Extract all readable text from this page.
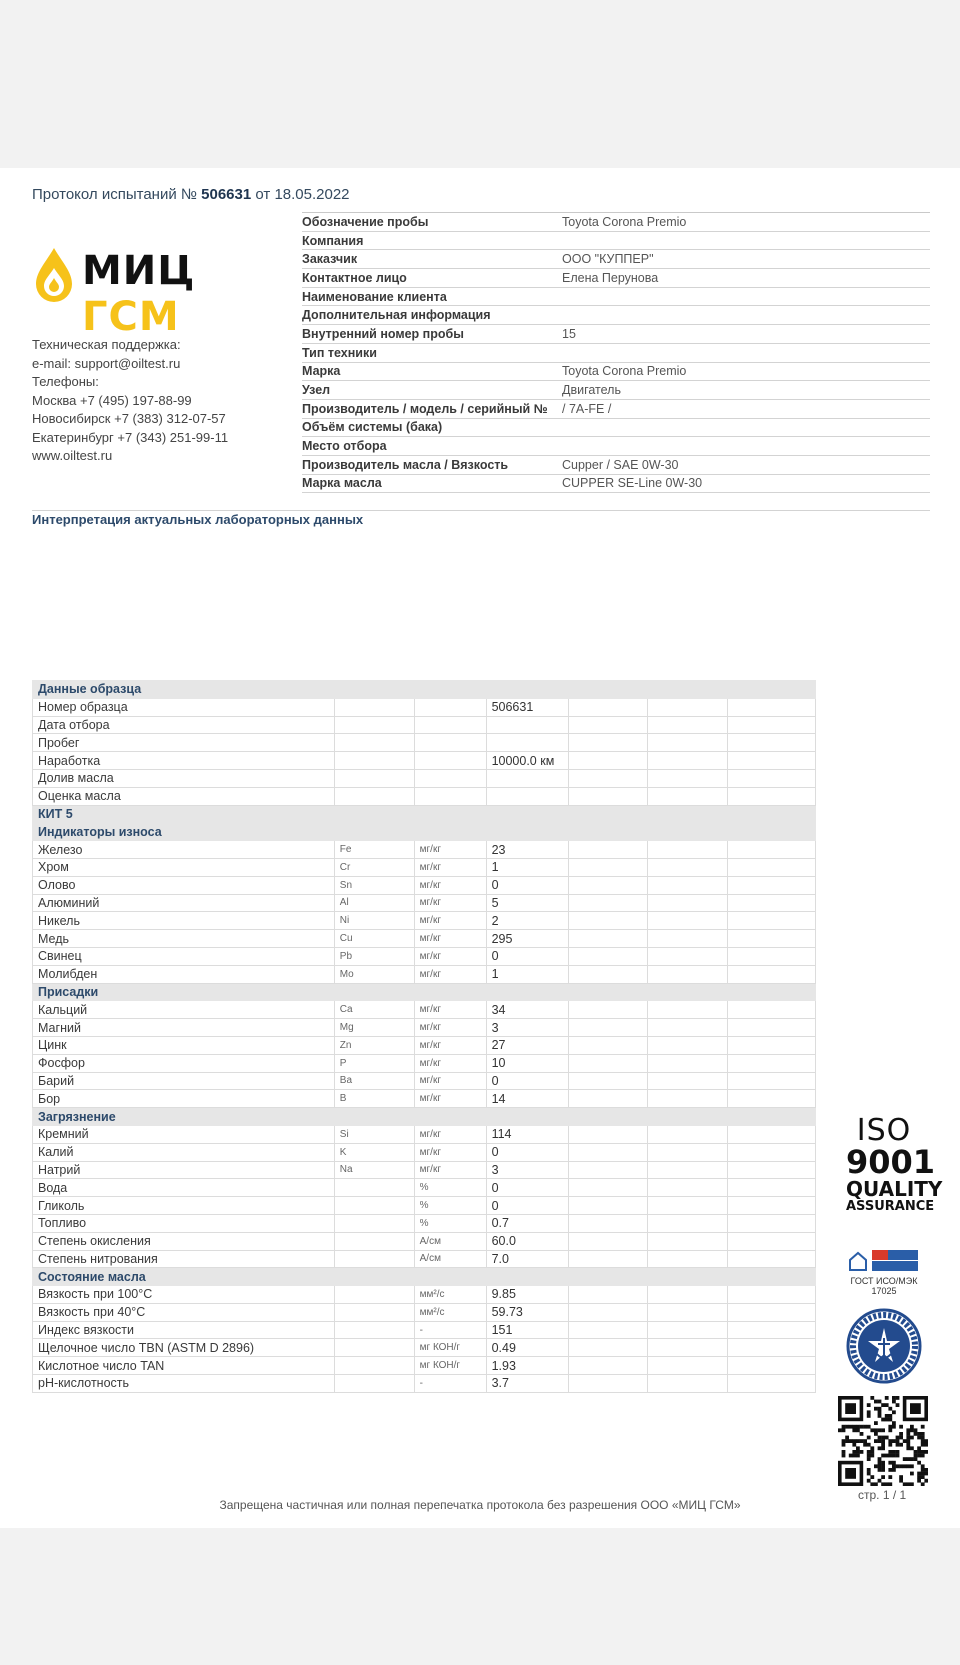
Протокол испытаний № 506631 от 18.05.2022
МИЦ ГСМ
Техническая поддержка:
e-mail: support@oiltest.ru
Телефоны:
Москва +7 (495) 197-88-99
Новосибирск +7 (383) 312-07-57
Екатеринбург +7 (343) 251-99-11
www.oiltest.ru
Обозначение пробы	Toyota Corona Premio
Компания
Заказчик	ООО "КУППЕР"
Контактное лицо	Елена Перунова
Наименование клиента
Дополнительная информация
Внутренний номер пробы	15
Тип техники
Марка	Toyota Corona Premio
Узел	Двигатель
Производитель / модель / серийный №	/ 7A-FE /
Объём системы (бака)
Место отбора
Производитель масла / Вязкость	Cupper / SAE 0W-30
Марка масла	CUPPER SE-Line 0W-30
Интерпретация актуальных лабораторных данных
Данные образца						
Номер образца			506631			
Дата отбора						
Пробег						
Наработка			10000.0 км			
Долив масла						
Оценка масла						
КИТ 5						
Индикаторы износа						
Железо	Fe	мг/кг	23			
Хром	Cr	мг/кг	1			
Олово	Sn	мг/кг	0			
Алюминий	Al	мг/кг	5			
Никель	Ni	мг/кг	2			
Медь	Cu	мг/кг	295			
Свинец	Pb	мг/кг	0			
Молибден	Mo	мг/кг	1			
Присадки						
Кальций	Ca	мг/кг	34			
Магний	Mg	мг/кг	3			
Цинк	Zn	мг/кг	27			
Фосфор	P	мг/кг	10			
Барий	Ba	мг/кг	0			
Бор	B	мг/кг	14			
Загрязнение						
Кремний	Si	мг/кг	114			
Калий	K	мг/кг	0			
Натрий	Na	мг/кг	3			
Вода		%	0			
Гликоль		%	0			
Топливо		%	0.7			
Степень окисления		А/см	60.0			
Степень нитрования		А/см	7.0			
Состояние масла						
Вязкость при 100°C		мм²/с	9.85			
Вязкость при 40°C		мм²/с	59.73			
Индекс вязкости		-	151			
Щелочное число TBN (ASTM D 2896)		мг КОН/г	0.49			
Кислотное число TAN		мг КОН/г	1.93			
pH-кислотность		-	3.7			
ISO
9001
QUALITY
ASSURANCE
ГОСТ ИСО/МЭК 17025
стр. 1 / 1
Запрещена частичная или полная перепечатка протокола без разрешения ООО «МИЦ ГСМ»
